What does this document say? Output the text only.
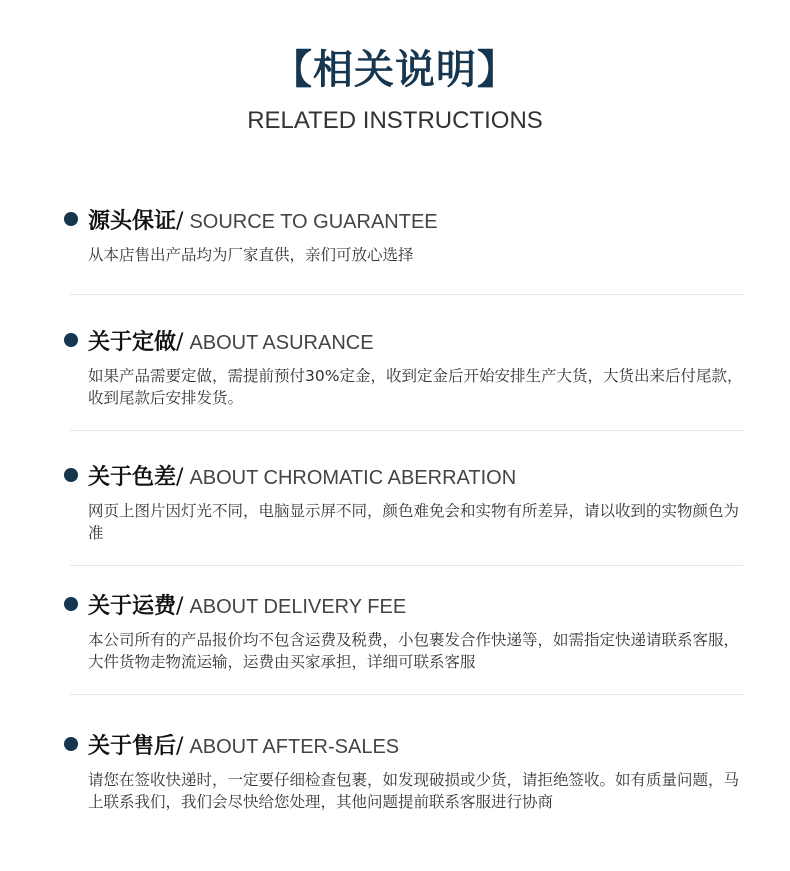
【相关说明】
RELATED INSTRUCTIONS
源头保证 / SOURCE TO GUARANTEE
从本店售出产品均为厂家直供，亲们可放心选择
关于定做 / ABOUT ASURANCE
如果产品需要定做，需提前预付30%定金，收到定金后开始安排生产大货，大货出来后付尾款，收到尾款后安排发货。
关于色差 / ABOUT CHROMATIC ABERRATION
网页上图片因灯光不同，电脑显示屏不同，颜色难免会和实物有所差异，请以收到的实物颜色为准
关于运费 / ABOUT DELIVERY FEE
本公司所有的产品报价均不包含运费及税费，小包裹发合作快递等，如需指定快递请联系客服，大件货物走物流运输，运费由买家承担，详细可联系客服
关于售后 / ABOUT AFTER-SALES
请您在签收快递时，一定要仔细检查包裹，如发现破损或少货，请拒绝签收。如有质量问题，马上联系我们，我们会尽快给您处理，其他问题提前联系客服进行协商
